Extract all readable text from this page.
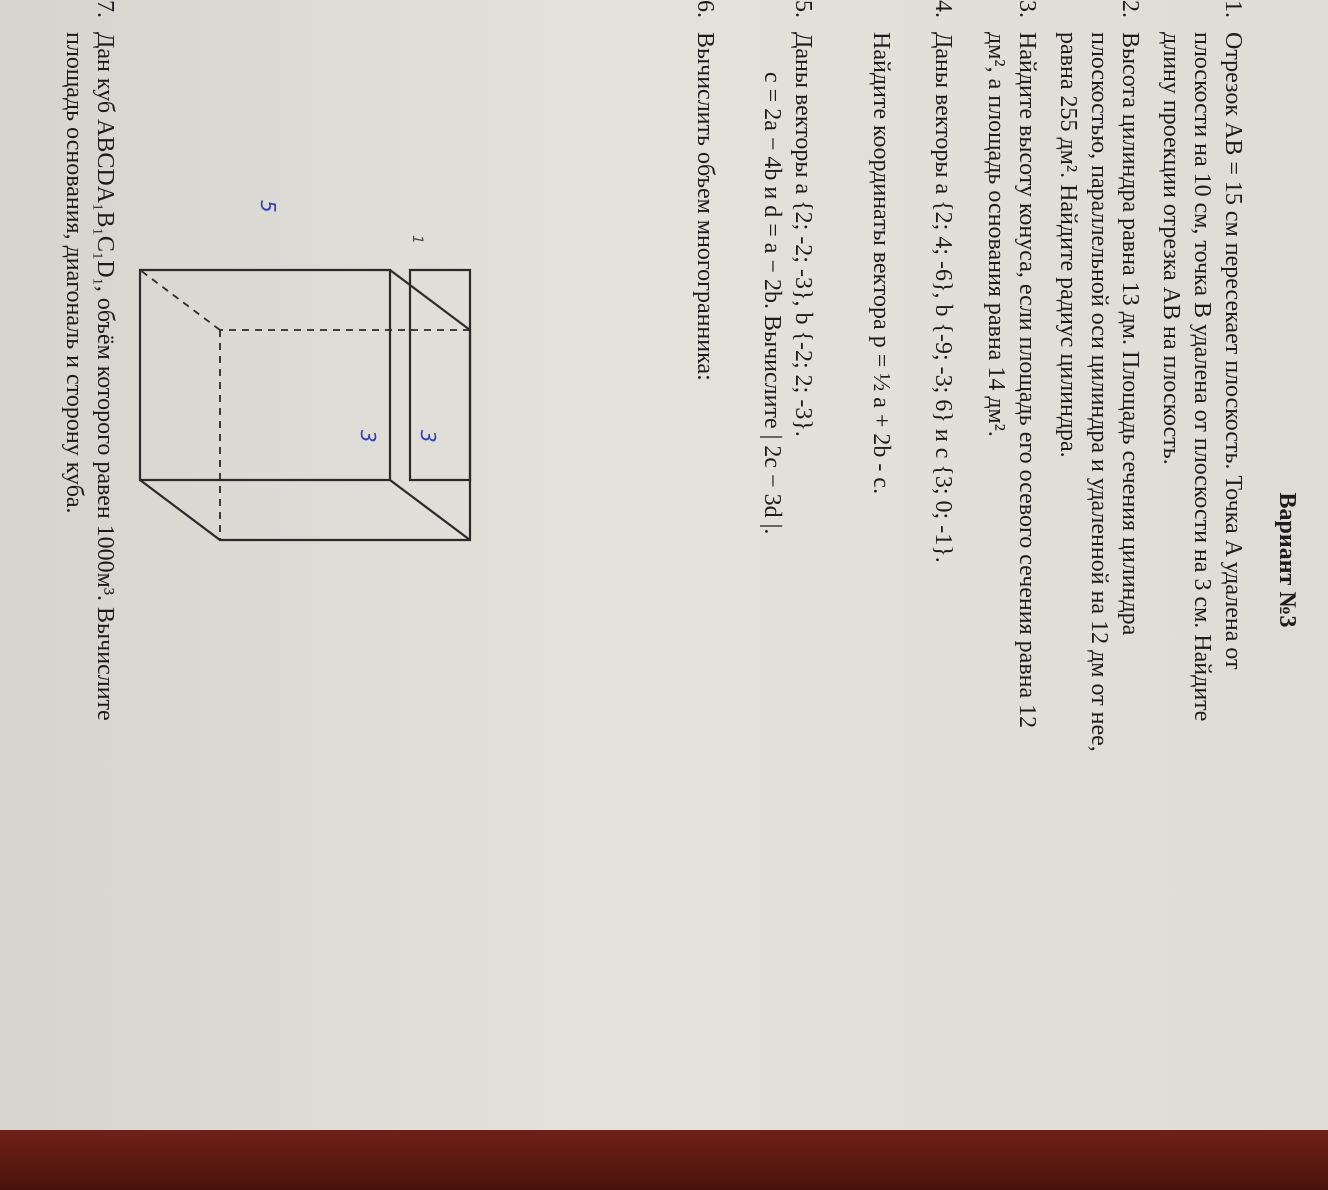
Вариант №3
1.
Отрезок AB = 15 см пересекает плоскость. Точка A удалена от
плоскости на 10 см, точка B удалена от плоскости на 3 см. Найдите
длину проекции отрезка AB на плоскость.
2.
Высота цилиндра равна 13 дм. Площадь сечения цилиндра
плоскостью, параллельной оси цилиндра и удаленной на 12 дм от нее,
равна 255 дм². Найдите радиус цилиндра.
3.
Найдите высоту конуса, если площадь его осевого сечения равна 12
дм², а площадь основания равна 14 дм².
4.
Даны векторы a {2; 4; -6}, b {-9; -3; 6} и c {3; 0; -1}.
Найдите координаты вектора p = ½ a + 2b - c.
5.
Даны векторы a {2; -2; -3}, b {-2; 2; -3}.
c = 2a − 4b и d = a − 2b. Вычислите | 2c − 3d |.
6.
Вычислить объем многогранника:
3
3
5
1
7.
Дан куб ABCDA₁B₁C₁D₁, объём которого равен 1000м³. Вычислите
площадь основания, диагональ и сторону куба.
